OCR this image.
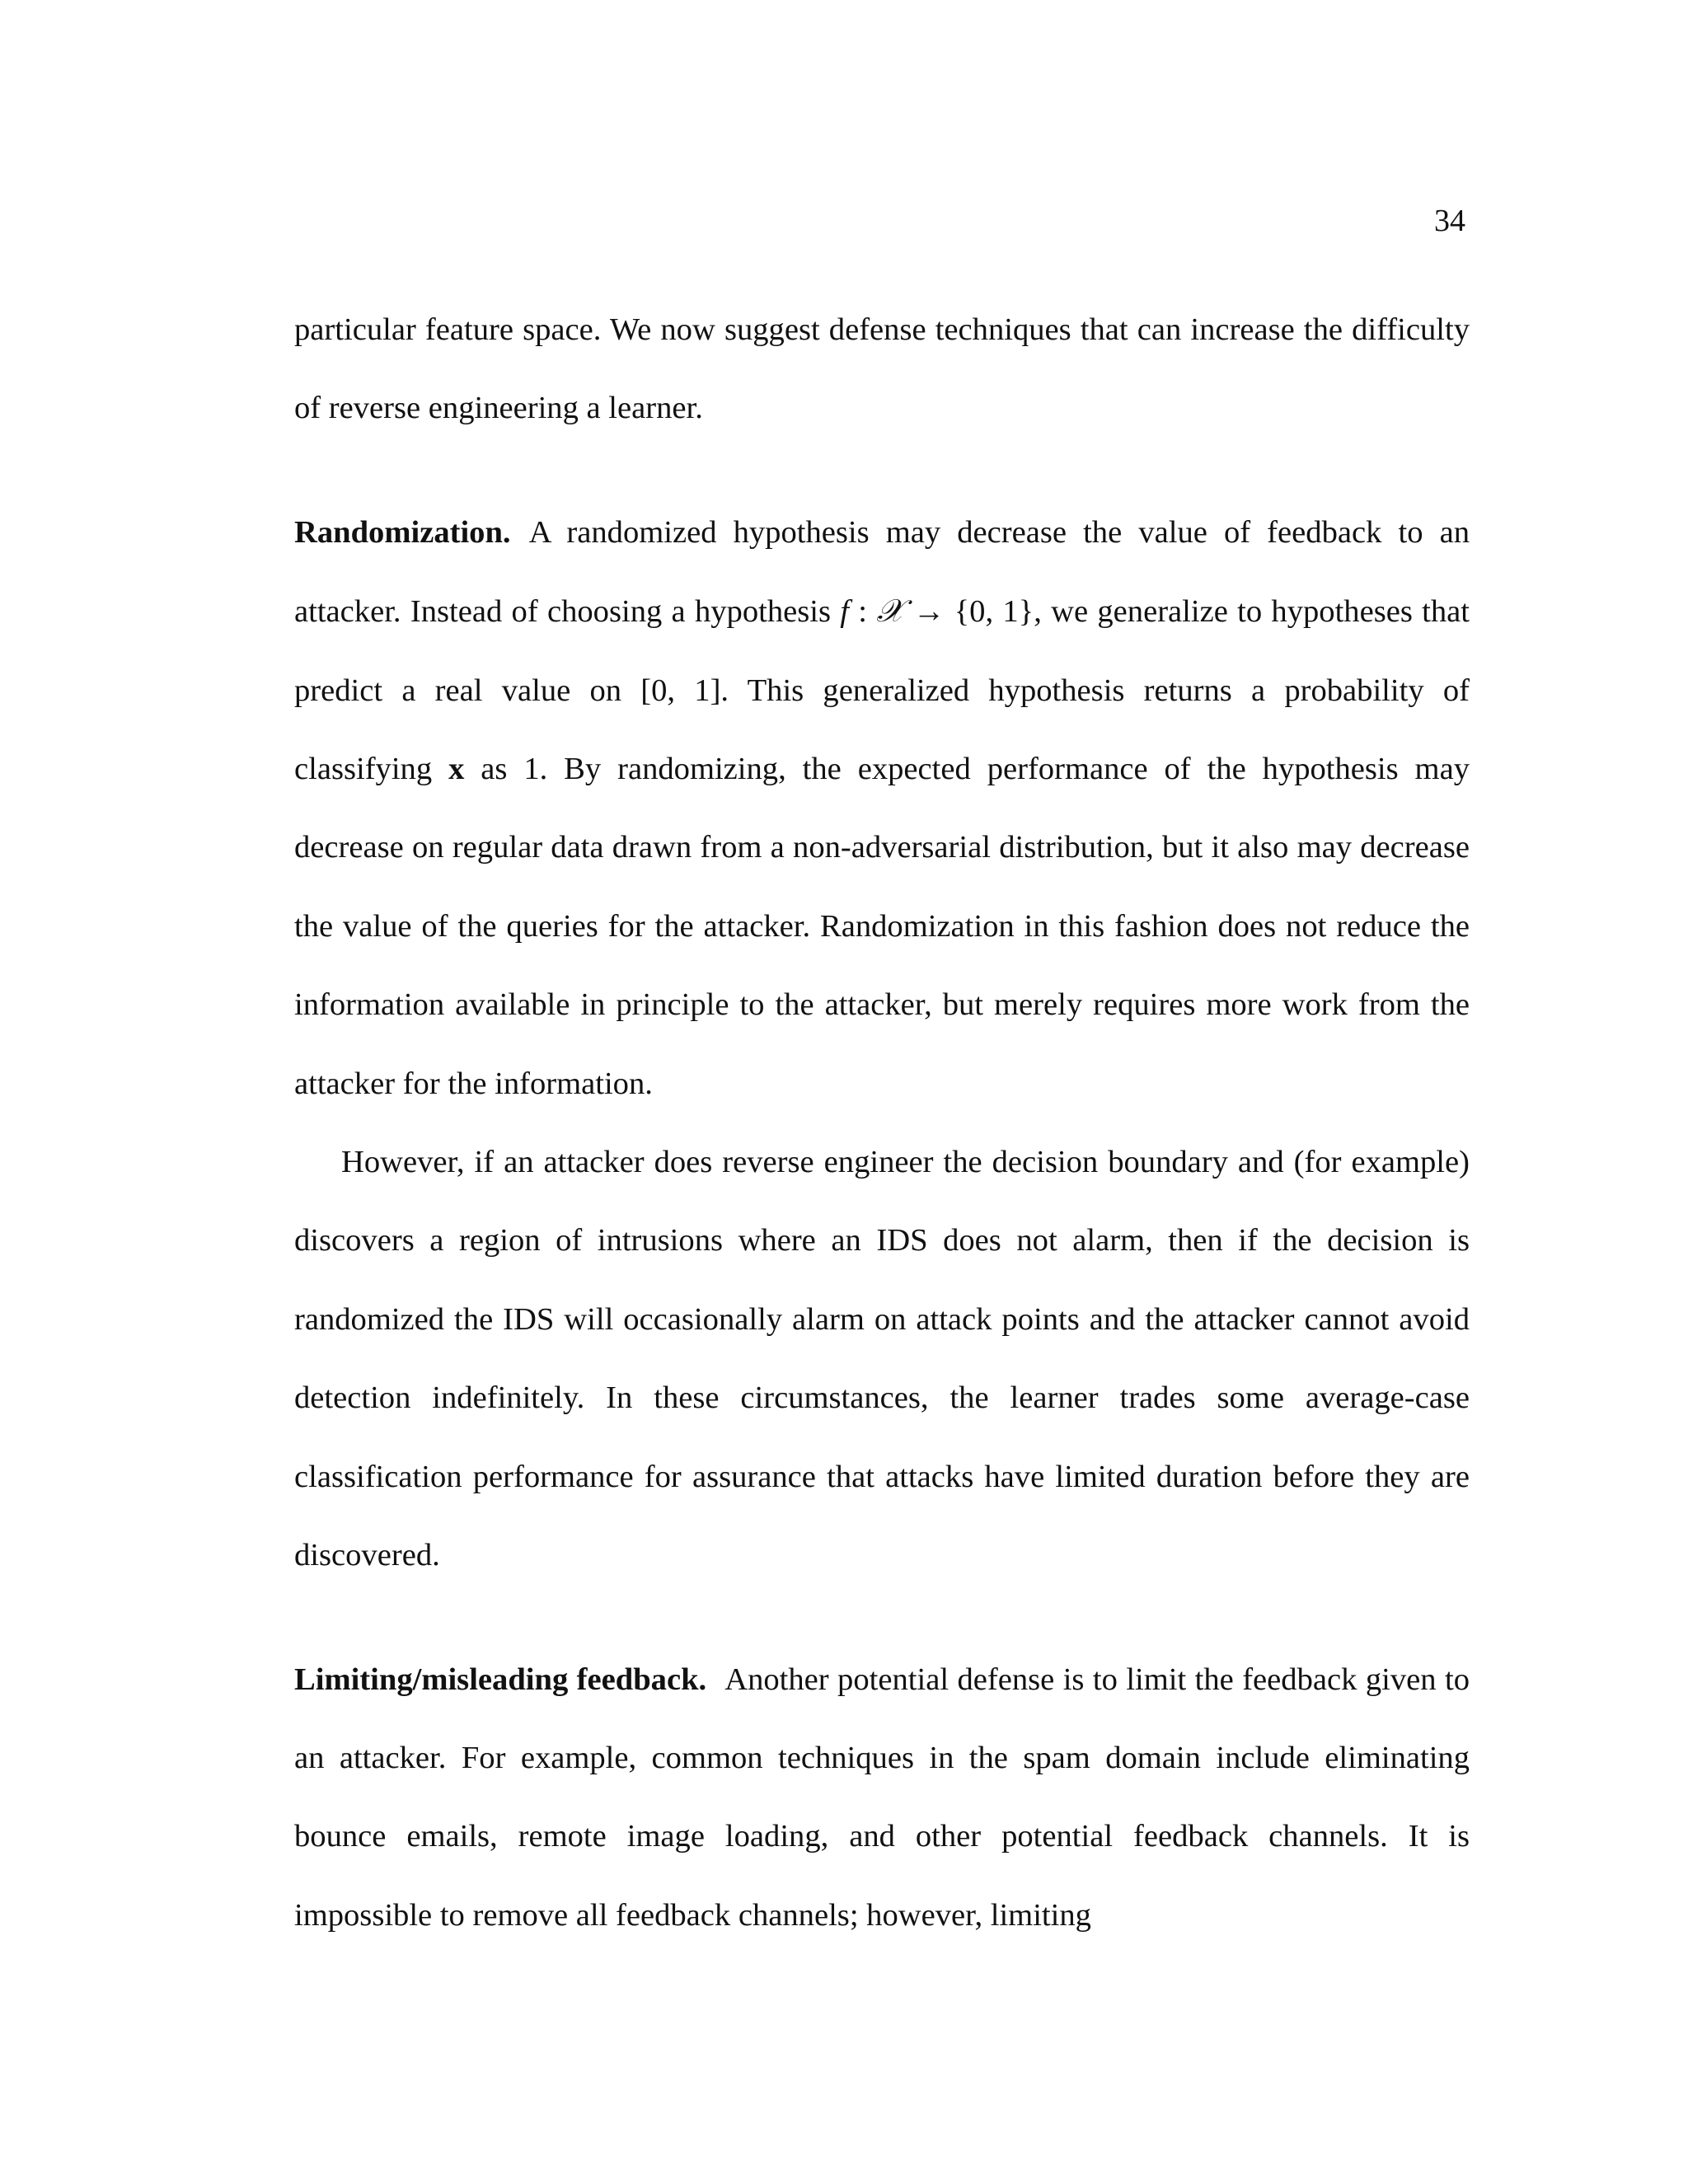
34

particular feature space. We now suggest defense techniques that can increase the difficulty of reverse engineering a learner.

Randomization. A randomized hypothesis may decrease the value of feedback to an attacker. Instead of choosing a hypothesis f : 𝒳 → {0, 1}, we generalize to hypotheses that predict a real value on [0, 1]. This generalized hypothesis returns a probability of classifying x as 1. By randomizing, the expected performance of the hypothesis may decrease on regular data drawn from a non-adversarial distribution, but it also may decrease the value of the queries for the attacker. Randomization in this fashion does not reduce the information available in principle to the attacker, but merely requires more work from the attacker for the information.

However, if an attacker does reverse engineer the decision boundary and (for example) discovers a region of intrusions where an IDS does not alarm, then if the decision is randomized the IDS will occasionally alarm on attack points and the attacker cannot avoid detection indefinitely. In these circumstances, the learner trades some average-case classification performance for assurance that attacks have limited duration before they are discovered.

Limiting/misleading feedback. Another potential defense is to limit the feedback given to an attacker. For example, common techniques in the spam domain include eliminating bounce emails, remote image loading, and other potential feedback channels. It is impossible to remove all feedback channels; however, limiting
